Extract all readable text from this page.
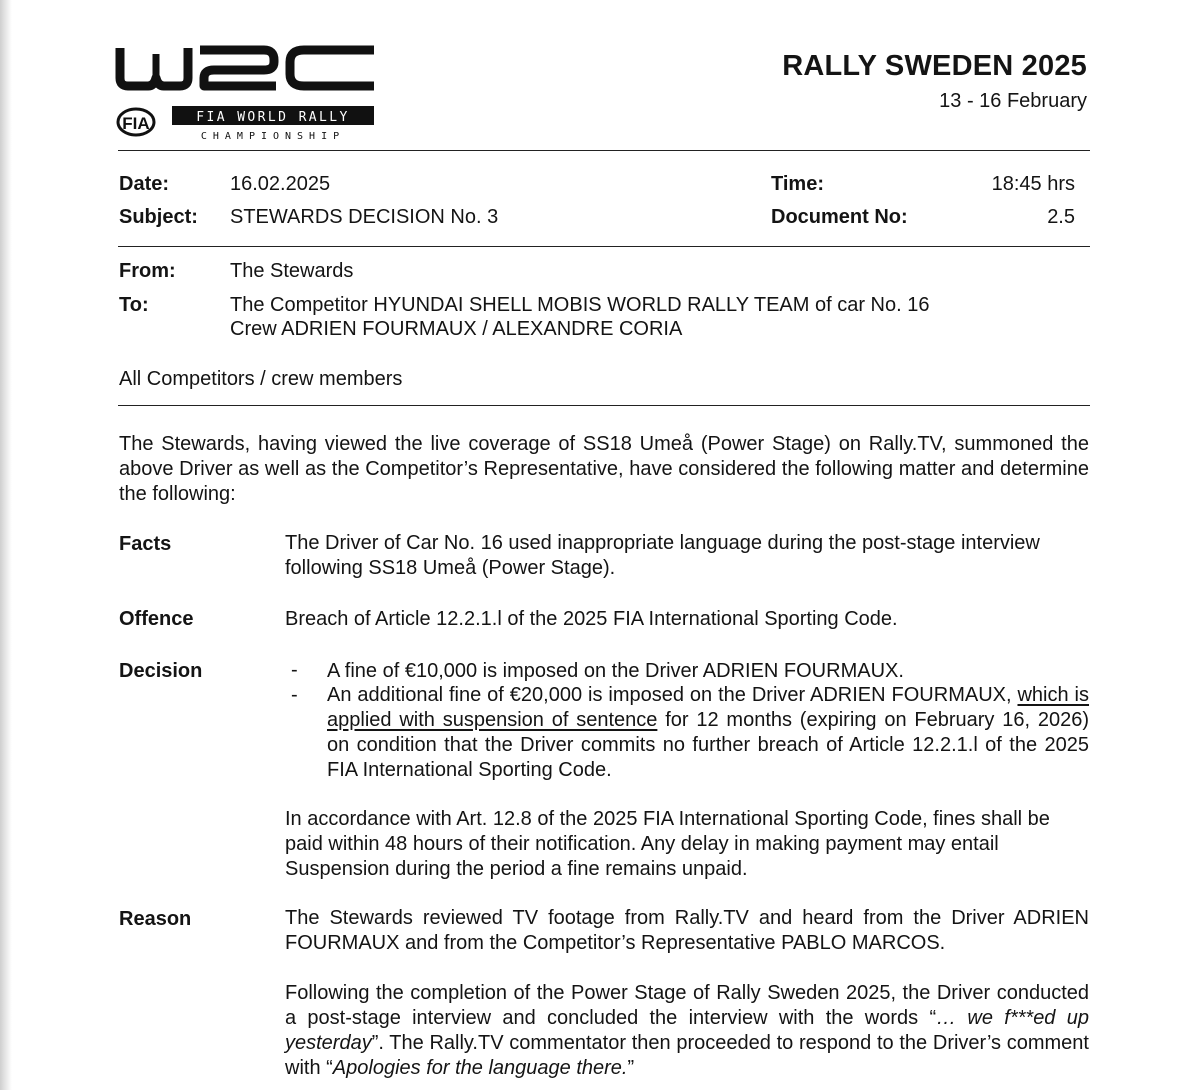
FIA	FIA WORLD RALLY
CHAMPIONSHIP
RALLY SWEDEN 2025
13 - 16 February
Date:	16.02.2025	Time:	18:45 hrs
Subject: STEWARDS DECISION No. 3	Document No:	2.5
From:	The Stewards
To:	The Competitor HYUNDAI SHELL MOBIS WORLD RALLY TEAM of car No. 16
Crew ADRIEN FOURMAUX / ALEXANDRE CORIA
All Competitors / crew members
The Stewards, having viewed the live coverage of SS18 Umeå (Power Stage) on Rally.TV, summoned the above Driver as well as the Competitor’s Representative, have considered the following matter and determine the following:
Facts	The Driver of Car No. 16 used inappropriate language during the post-stage interview following SS18 Umeå (Power Stage).
Offence	Breach of Article 12.2.1.l of the 2025 FIA International Sporting Code.
Decision	- A fine of €10,000 is imposed on the Driver ADRIEN FOURMAUX.
- An additional fine of €20,000 is imposed on the Driver ADRIEN FOURMAUX, which is applied with suspension of sentence for 12 months (expiring on February 16, 2026) on condition that the Driver commits no further breach of Article 12.2.1.l of the 2025 FIA International Sporting Code.
In accordance with Art. 12.8 of the 2025 FIA International Sporting Code, fines shall be paid within 48 hours of their notification. Any delay in making payment may entail Suspension during the period a fine remains unpaid.
Reason	The Stewards reviewed TV footage from Rally.TV and heard from the Driver ADRIEN FOURMAUX and from the Competitor’s Representative PABLO MARCOS.
Following the completion of the Power Stage of Rally Sweden 2025, the Driver conducted a post-stage interview and concluded the interview with the words “… we f***ed up yesterday”. The Rally.TV commentator then proceeded to respond to the Driver’s comment with “Apologies for the language there.”
